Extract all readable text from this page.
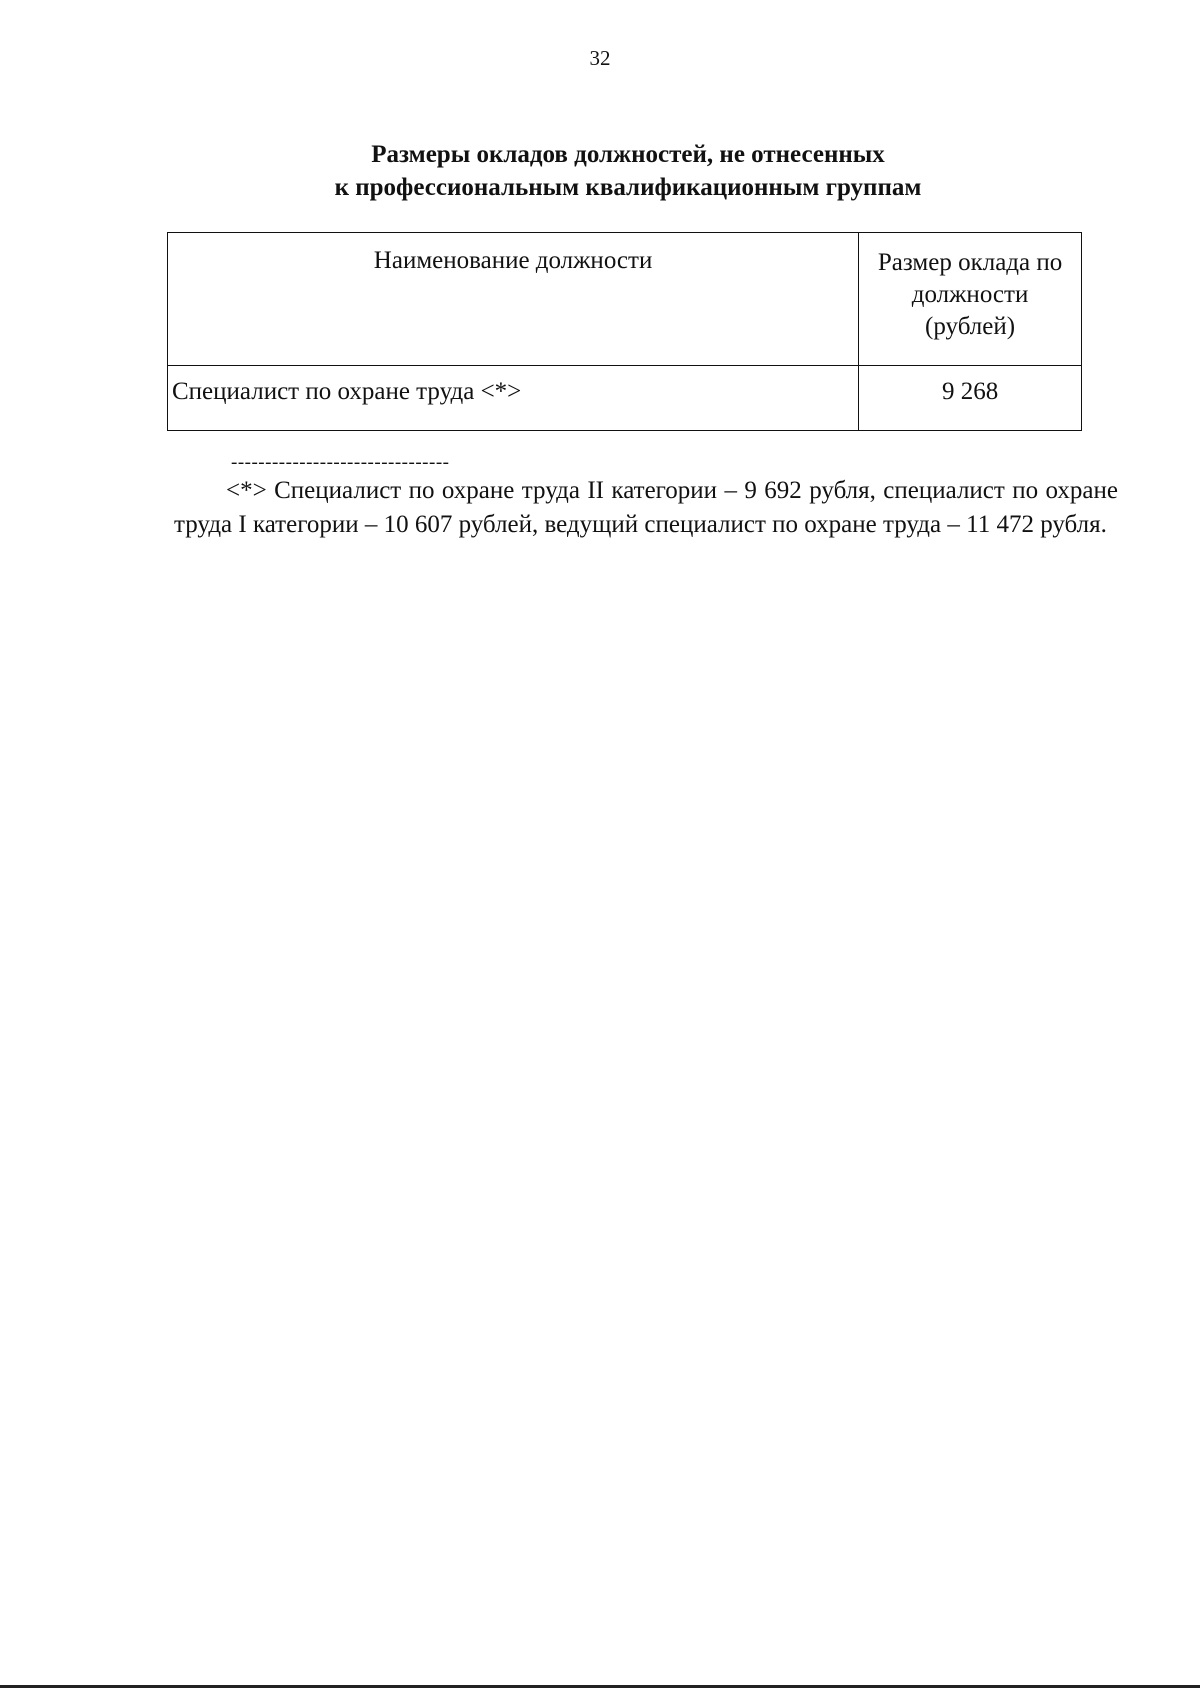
32
Размеры окладов должностей, не отнесенных
к профессиональным квалификационным группам
Наименование должности	Размер оклада по
должности
(рублей)

Специалист по охране труда <*>	9 268
--------------------------------
<*> Специалист по охране труда II категории – 9 692 рубля, специалист по охране труда I категории – 10 607 рублей, ведущий специалист по охране труда – 11 472 рубля.
